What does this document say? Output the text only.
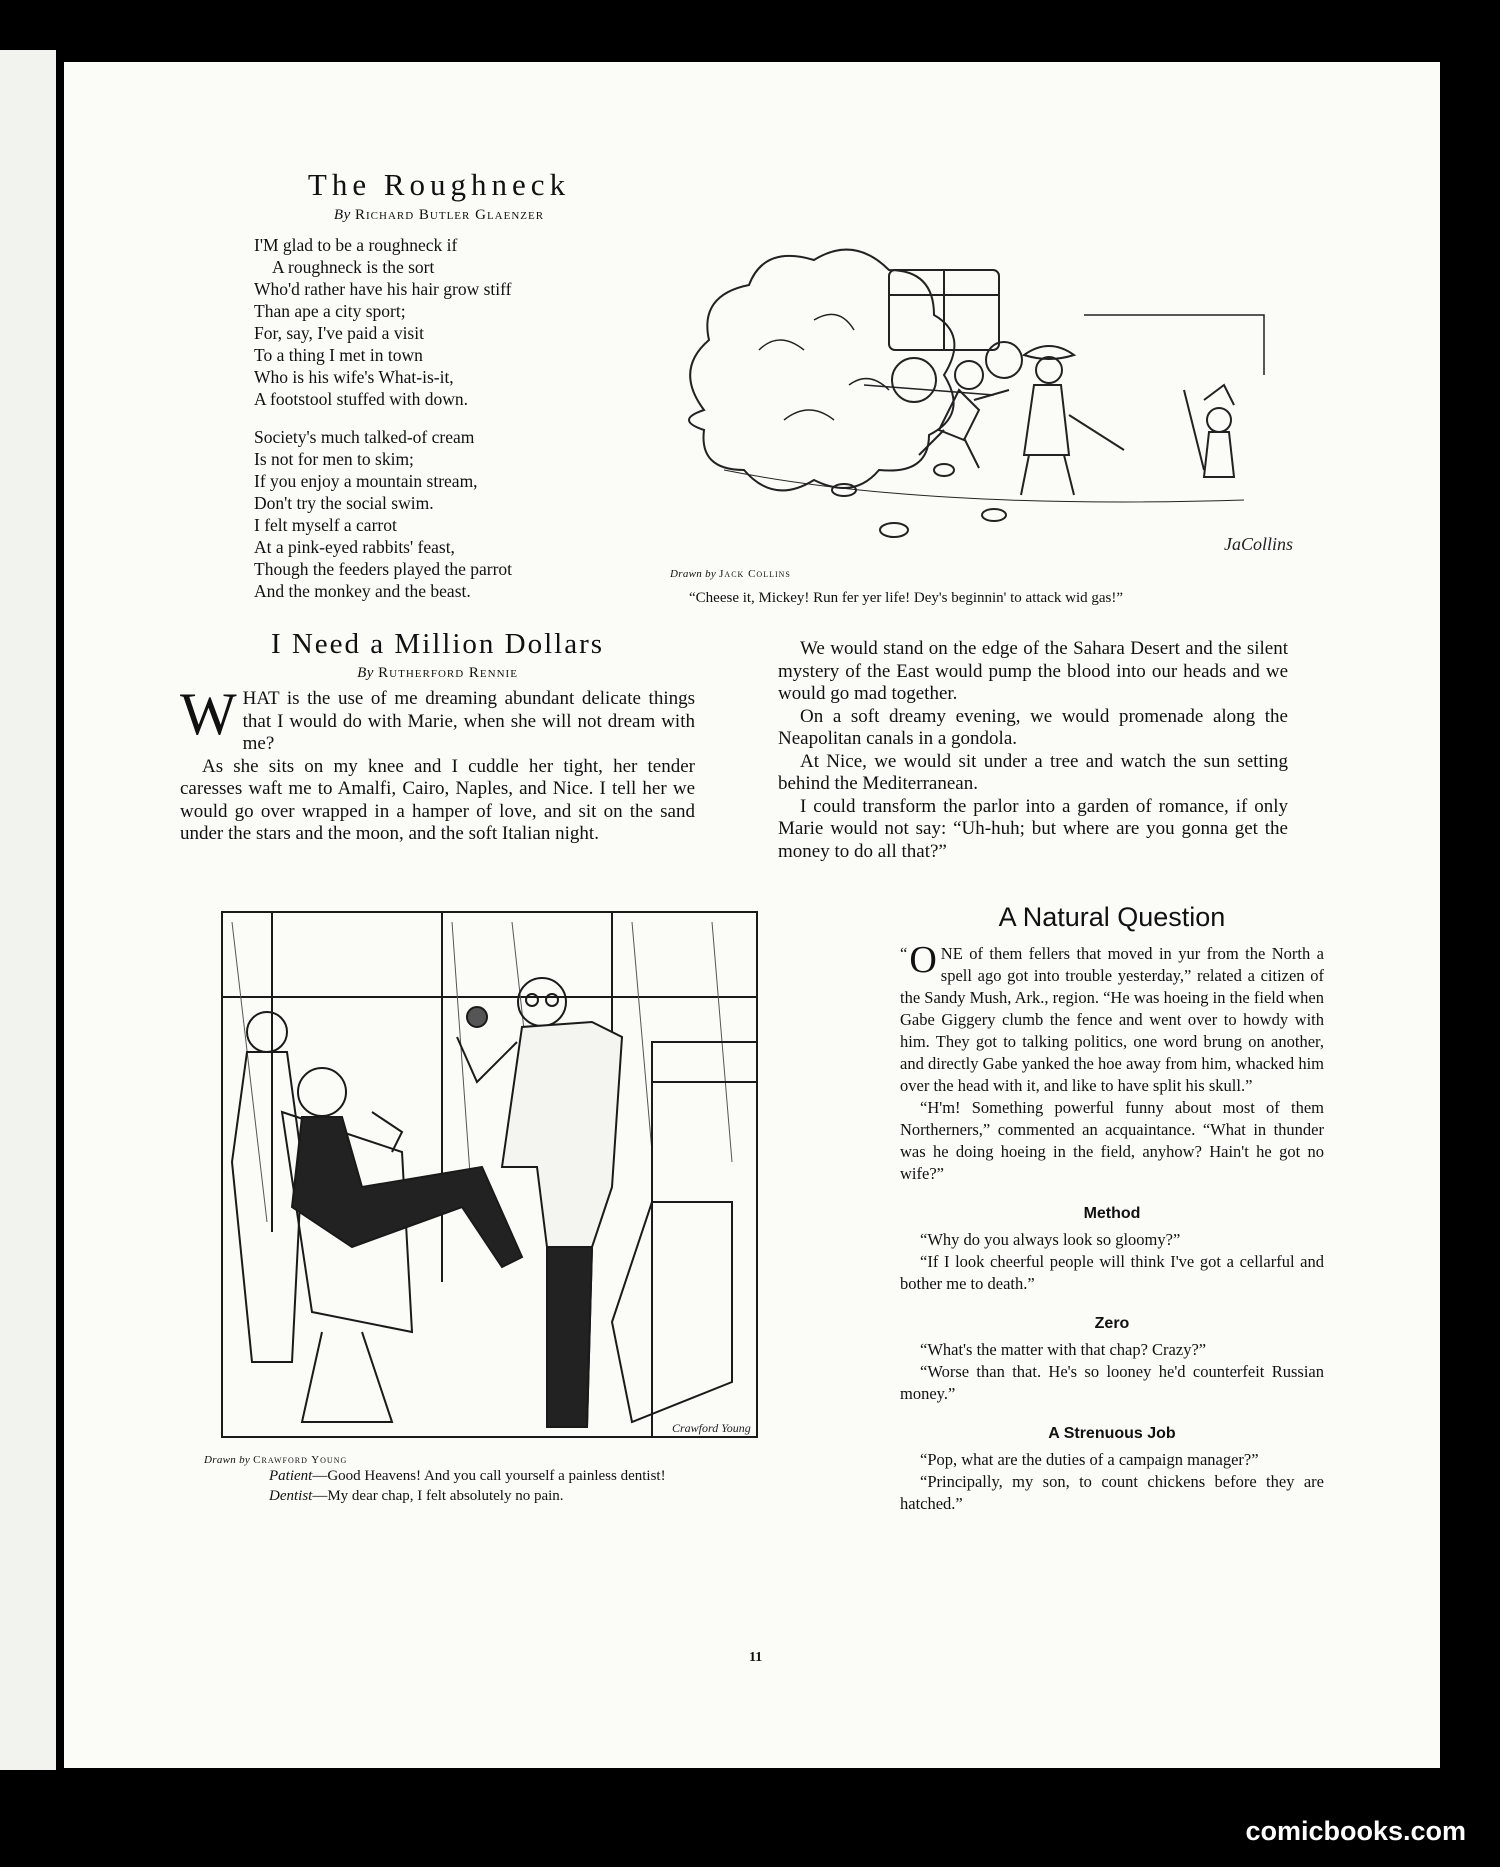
The Roughneck
By Richard Butler Glaenzer
I'M glad to be a roughneck if
A roughneck is the sort
Who'd rather have his hair grow stiff
Than ape a city sport;
For, say, I've paid a visit
To a thing I met in town
Who is his wife's What-is-it,
A footstool stuffed with down.
Society's much talked-of cream
Is not for men to skim;
If you enjoy a mountain stream,
Don't try the social swim.
I felt myself a carrot
At a pink-eyed rabbits' feast,
Though the feeders played the parrot
And the monkey and the beast.
JaCollins
Drawn by Jack Collins
“Cheese it, Mickey! Run fer yer life! Dey's beginnin' to attack wid gas!”
I Need a Million Dollars
By Rutherford Rennie

WHAT is the use of me dreaming abundant delicate things that I would do with Marie, when she will not dream with me?

As she sits on my knee and I cuddle her tight, her tender caresses waft me to Amalfi, Cairo, Naples, and Nice. I tell her we would go over wrapped in a hamper of love, and sit on the sand under the stars and the moon, and the soft Italian night.

We would stand on the edge of the Sahara Desert and the silent mystery of the East would pump the blood into our heads and we would go mad together.

On a soft dreamy evening, we would promenade along the Neapolitan canals in a gondola.

At Nice, we would sit under a tree and watch the sun setting behind the Mediterranean.

I could transform the parlor into a garden of romance, if only Marie would not say: “Uh-huh; but where are you gonna get the money to do all that?”

Crawford Young
Drawn by Crawford Young
Patient—Good Heavens! And you call yourself a painless dentist!
Dentist—My dear chap, I felt absolutely no pain.
A Natural Question

“ O NE of them fellers that moved in yur from the North a spell ago got into trouble yesterday,” related a citizen of the Sandy Mush, Ark., region. “He was hoeing in the field when Gabe Giggery clumb the fence and went over to howdy with him. They got to talking politics, one word brung on another, and directly Gabe yanked the hoe away from him, whacked him over the head with it, and like to have split his skull.”

“H'm! Something powerful funny about most of them Northerners,” commented an acquaintance. “What in thunder was he doing hoeing in the field, anyhow? Hain't he got no wife?”

Method

“Why do you always look so gloomy?”

“If I look cheerful people will think I've got a cellarful and bother me to death.”

Zero

“What's the matter with that chap? Crazy?”

“Worse than that. He's so looney he'd counterfeit Russian money.”

A Strenuous Job

“Pop, what are the duties of a campaign manager?”

“Principally, my son, to count chickens before they are hatched.”

11
comicbooks.com
